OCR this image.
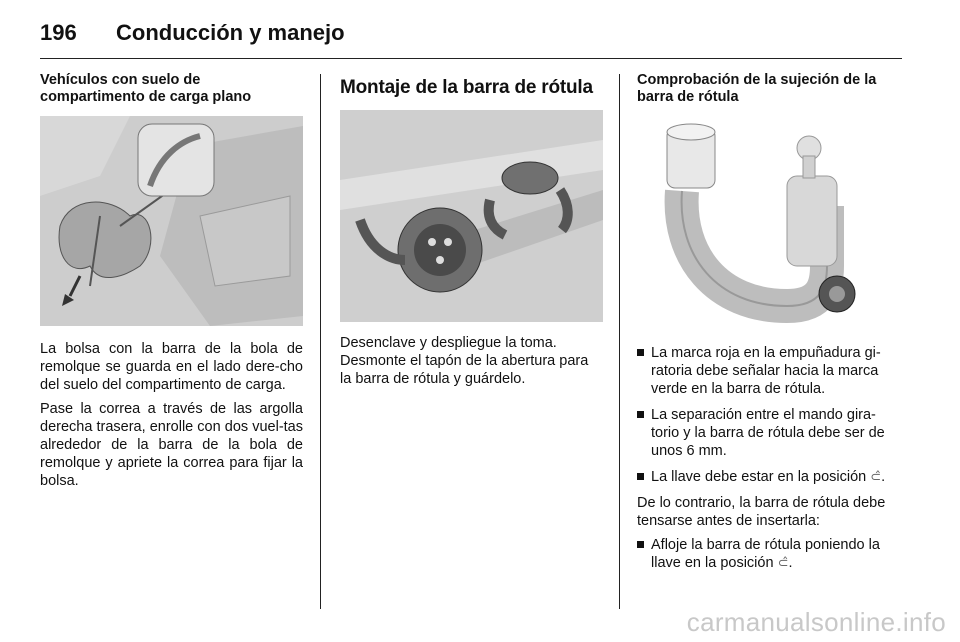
196 Conducción y manejo
Vehículos con suelo de compartimento de carga plano

La bolsa con la barra de la bola de remolque se guarda en el lado dere-cho del suelo del compartimento de carga.

Pase la correa a través de las argolla derecha trasera, enrolle con dos vuel-tas alrededor de la barra de la bola de remolque y apriete la correa para fijar la bolsa.

Montaje de la barra de rótula

Desenclave y despliegue la toma. Desmonte el tapón de la abertura para la barra de rótula y guárdelo.

Comprobación de la sujeción de la barra de rótula
La marca roja en la empuñadura gi-ratoria debe señalar hacia la marca verde en la barra de rótula.
La separación entre el mando gira-torio y la barra de rótula debe ser de unos 6 mm.
La llave debe estar en la posición ⊂̂.

De lo contrario, la barra de rótula debe tensarse antes de insertarla:

Afloje la barra de rótula poniendo la llave en la posición ⊂̂.
carmanualsonline.info
